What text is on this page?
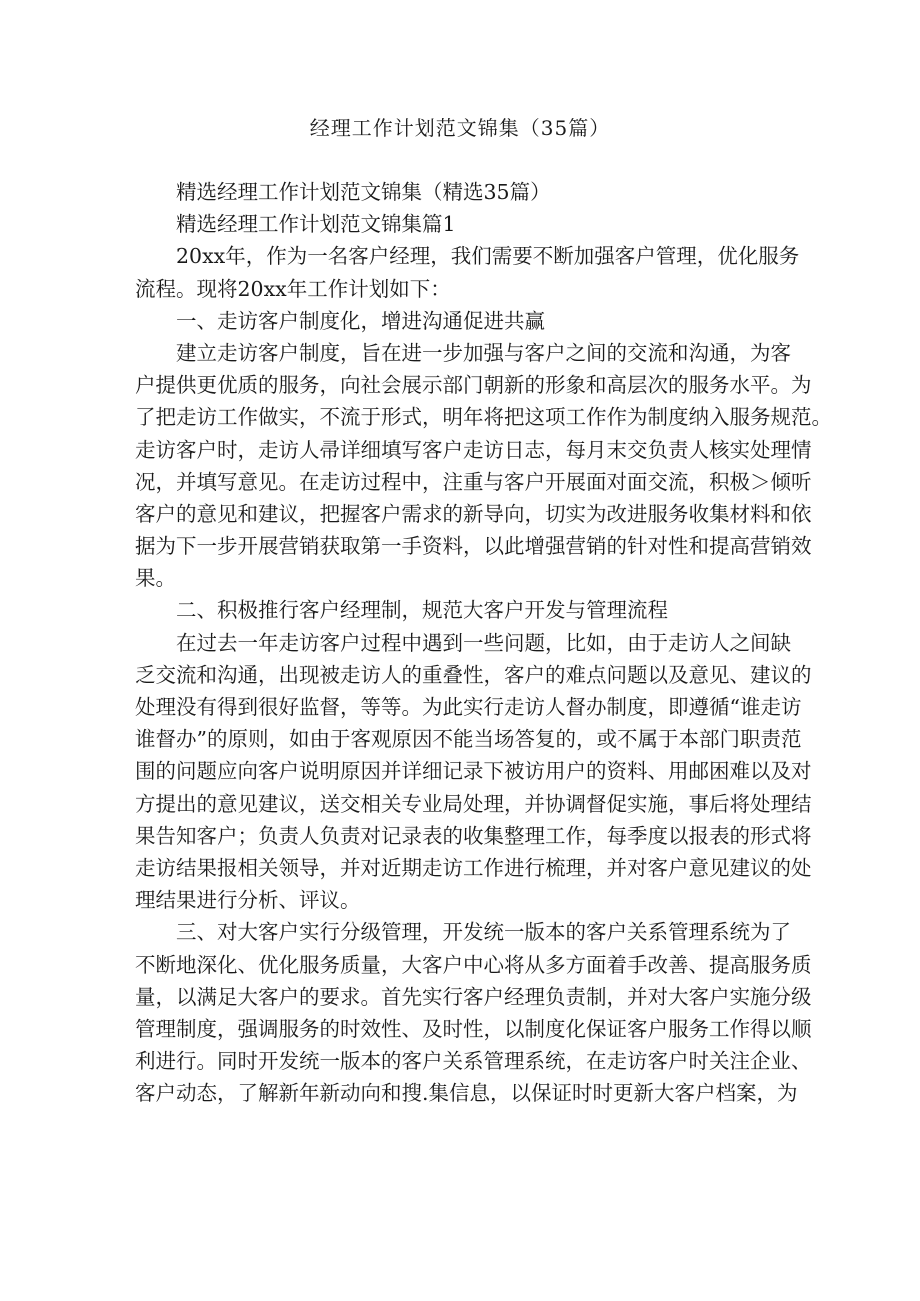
经理工作计划范文锦集（35篇）
精选经理工作计划范文锦集（精选35篇）
精选经理工作计划范文锦集篇1
20xx年，作为一名客户经理，我们需要不断加强客户管理，优化服务
流程。现将20xx年工作计划如下：
一、走访客户制度化，增进沟通促进共赢
建立走访客户制度，旨在进一步加强与客户之间的交流和沟通，为客
户提供更优质的服务，向社会展示部门朝新的形象和高层次的服务水平。为
了把走访工作做实，不流于形式，明年将把这项工作作为制度纳入服务规范。
走访客户时，走访人帚详细填写客户走访日志，每月末交负责人核实处理情
况，并填写意见。在走访过程中，注重与客户开展面对面交流，积极＞倾听
客户的意见和建议，把握客户需求的新导向，切实为改进服务收集材料和依
据为下一步开展营销获取第一手资料，以此增强营销的针对性和提高营销效
果。
二、积极推行客户经理制，规范大客户开发与管理流程
在过去一年走访客户过程中遇到一些问题，比如，由于走访人之间缺
乏交流和沟通，出现被走访人的重叠性，客户的难点问题以及意见、建议的
处理没有得到很好监督，等等。为此实行走访人督办制度，即遵循“谁走访
谁督办”的原则，如由于客观原因不能当场答复的，或不属于本部门职责范
围的问题应向客户说明原因并详细记录下被访用户的资料、用邮困难以及对
方提出的意见建议，送交相关专业局处理，并协调督促实施，事后将处理结
果告知客户；负责人负责对记录表的收集整理工作，每季度以报表的形式将
走访结果报相关领导，并对近期走访工作进行梳理，并对客户意见建议的处
理结果进行分析、评议。
三、对大客户实行分级管理，开发统一版本的客户关系管理系统为了
不断地深化、优化服务质量，大客户中心将从多方面着手改善、提高服务质
量，以满足大客户的要求。首先实行客户经理负责制，并对大客户实施分级
管理制度，强调服务的时效性、及时性，以制度化保证客户服务工作得以顺
利进行。同时开发统一版本的客户关系管理系统，在走访客户时关注企业、
客户动态，了解新年新动向和搜.集信息，以保证时时更新大客户档案，为
